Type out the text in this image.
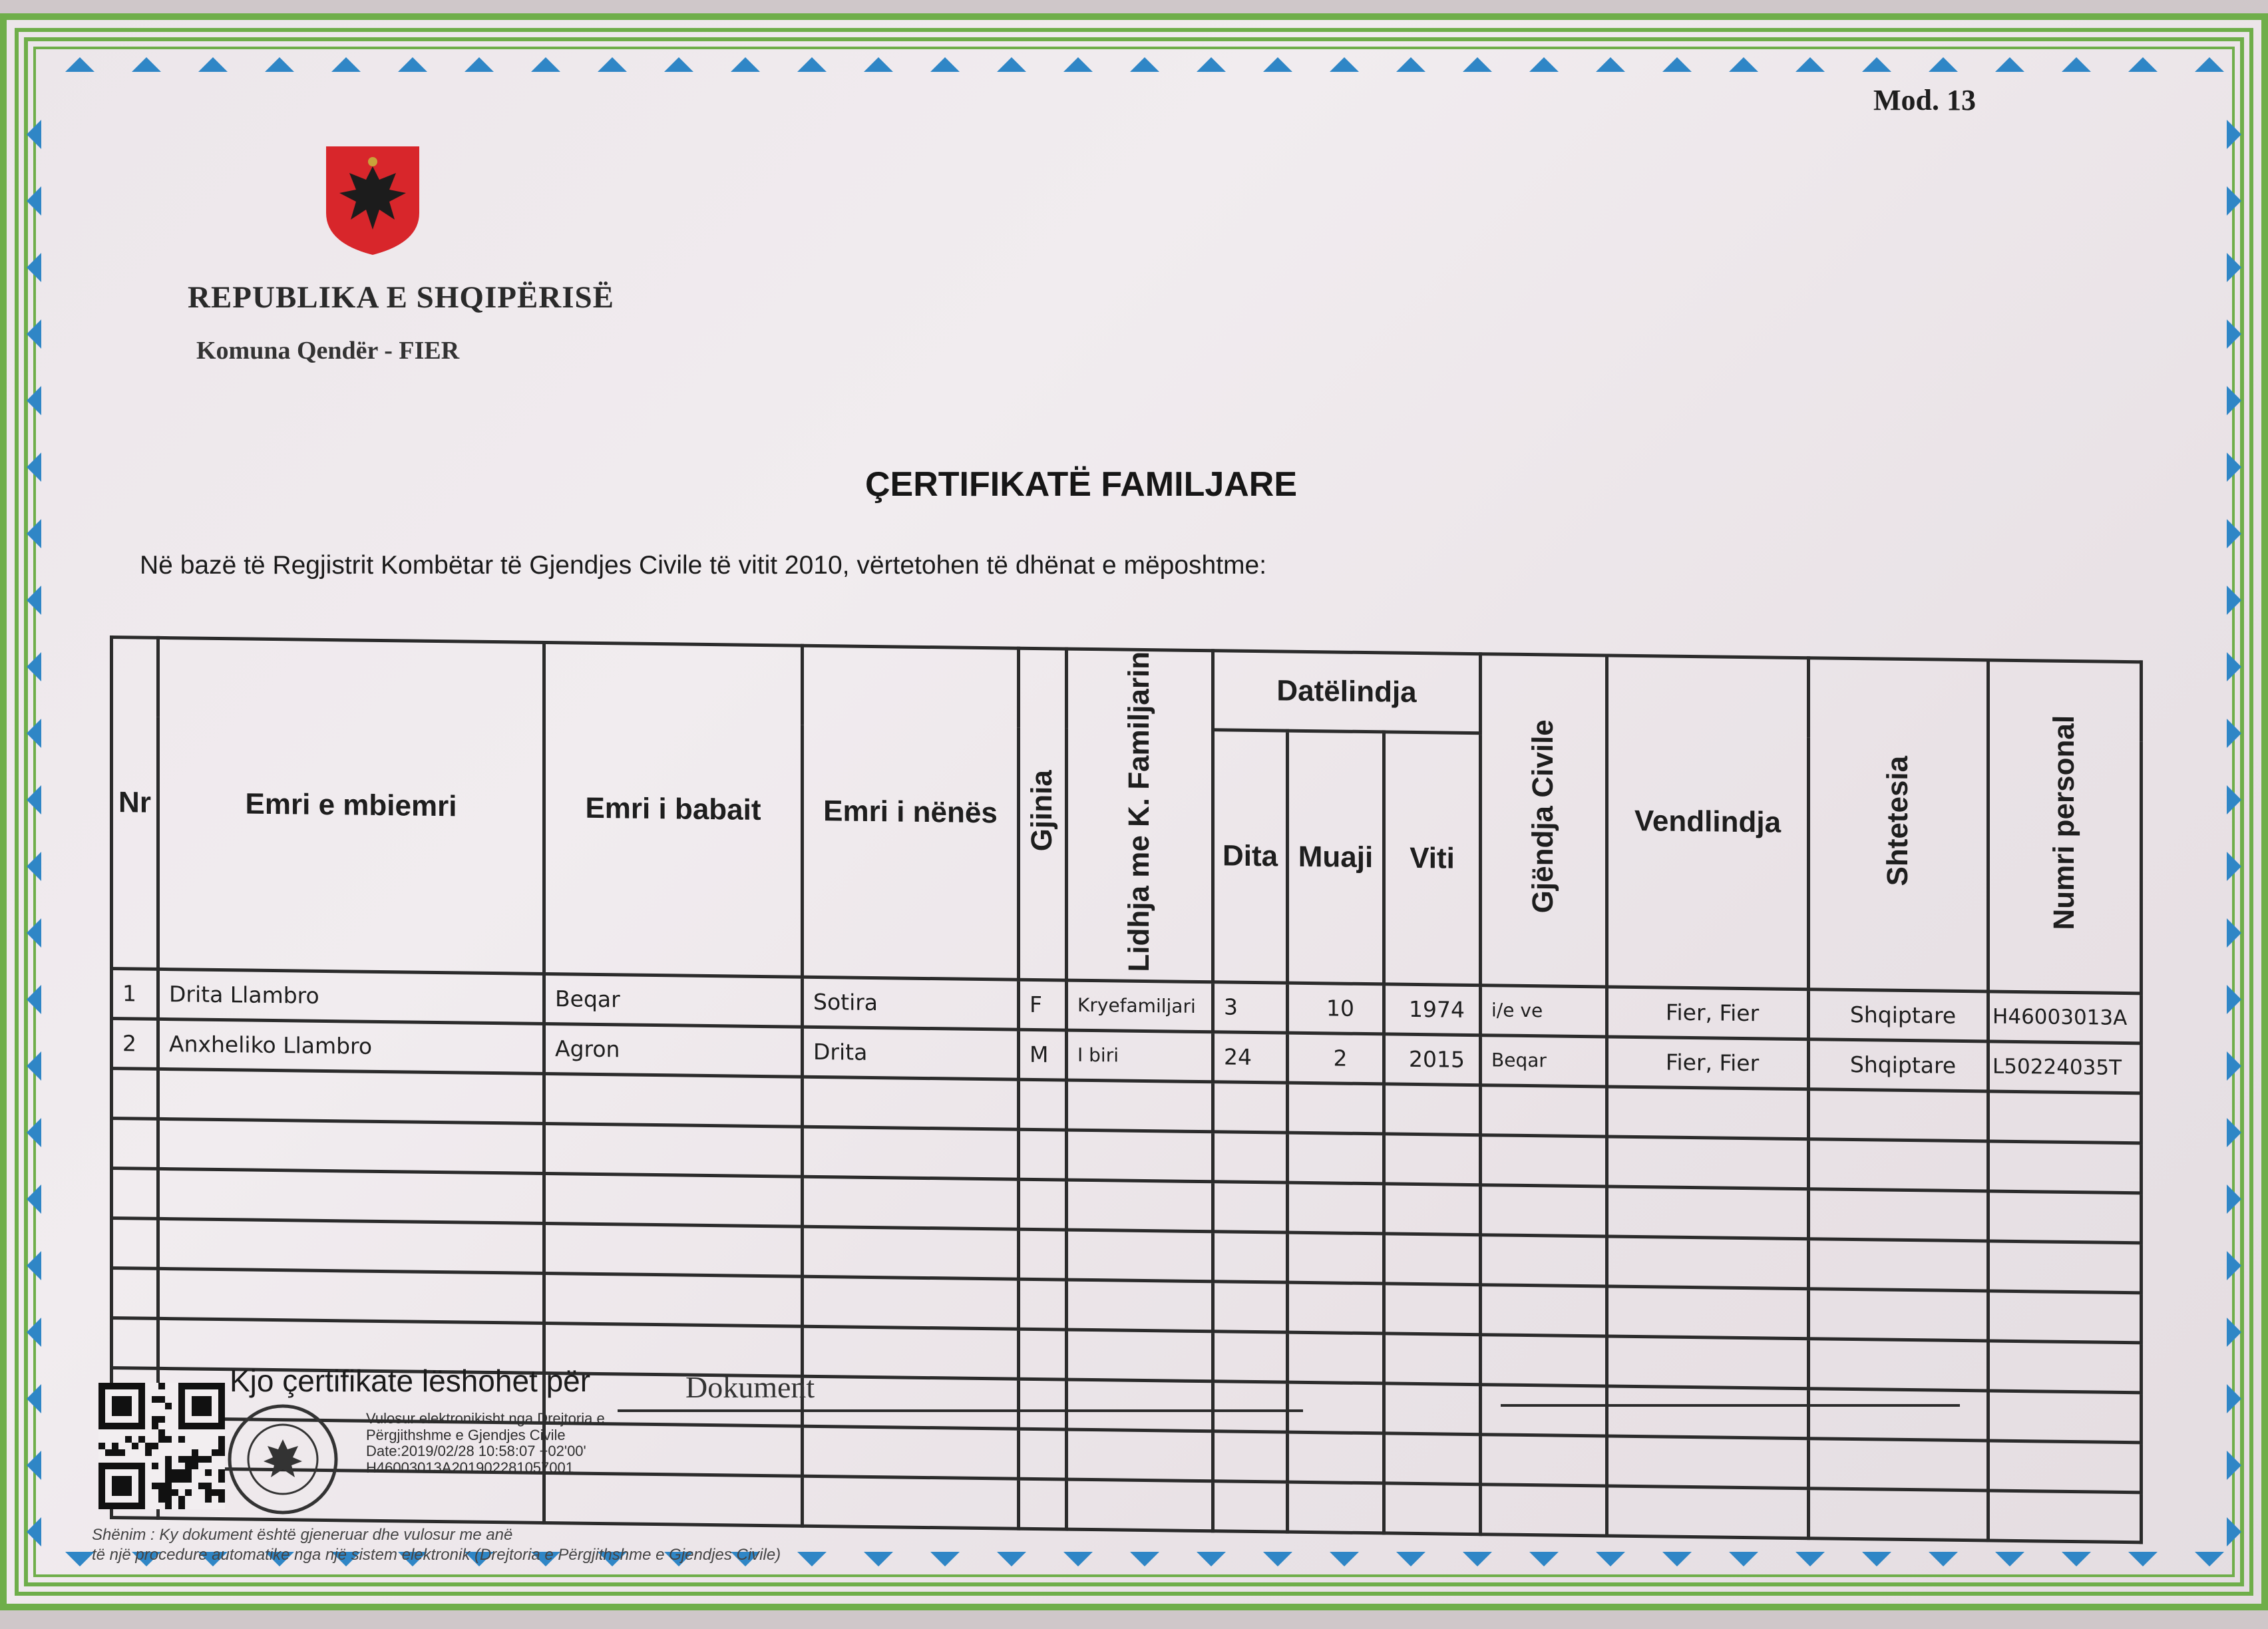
Mod. 13
REPUBLIKA E SHQIPËRISË
Komuna Qendër - FIER
ÇERTIFIKATË FAMILJARE
Në bazë të Regjistrit Kombëtar të Gjendjes Civile të vitit 2010, vërtetohen të dhënat e mëposhtme:
Nr	Emri e mbiemri	Emri i babait	Emri i nënës	Gjinia	Lidhja me K. Familjarin	Datëlindja			Gjëndja Civile	Vendlindja	Shtetesia	Numri personal
						Dita	Muaji	Viti				
1	Drita Llambro	Beqar	Sotira	F	Kryefamiljari	3	10	1974	i/e ve	Fier, Fier	Shqiptare	H46003013A
2	Anxheliko Llambro	Agron	Drita	M	I biri	24	2	2015	Beqar	Fier, Fier	Shqiptare	L50224035T

Kjo çertifikate lëshohet për	Dokument
Vulosur elektronikisht nga Drejtoria e
Përgjithshme e Gjendjes Civile
Date:2019/02/28 10:58:07 +02'00'
H46003013A201902281057001
Shënim : Ky dokument është gjeneruar dhe vulosur me anë
të një procedure automatike nga një sistem elektronik (Drejtoria e Përgjithshme e Gjendjes Civile)
